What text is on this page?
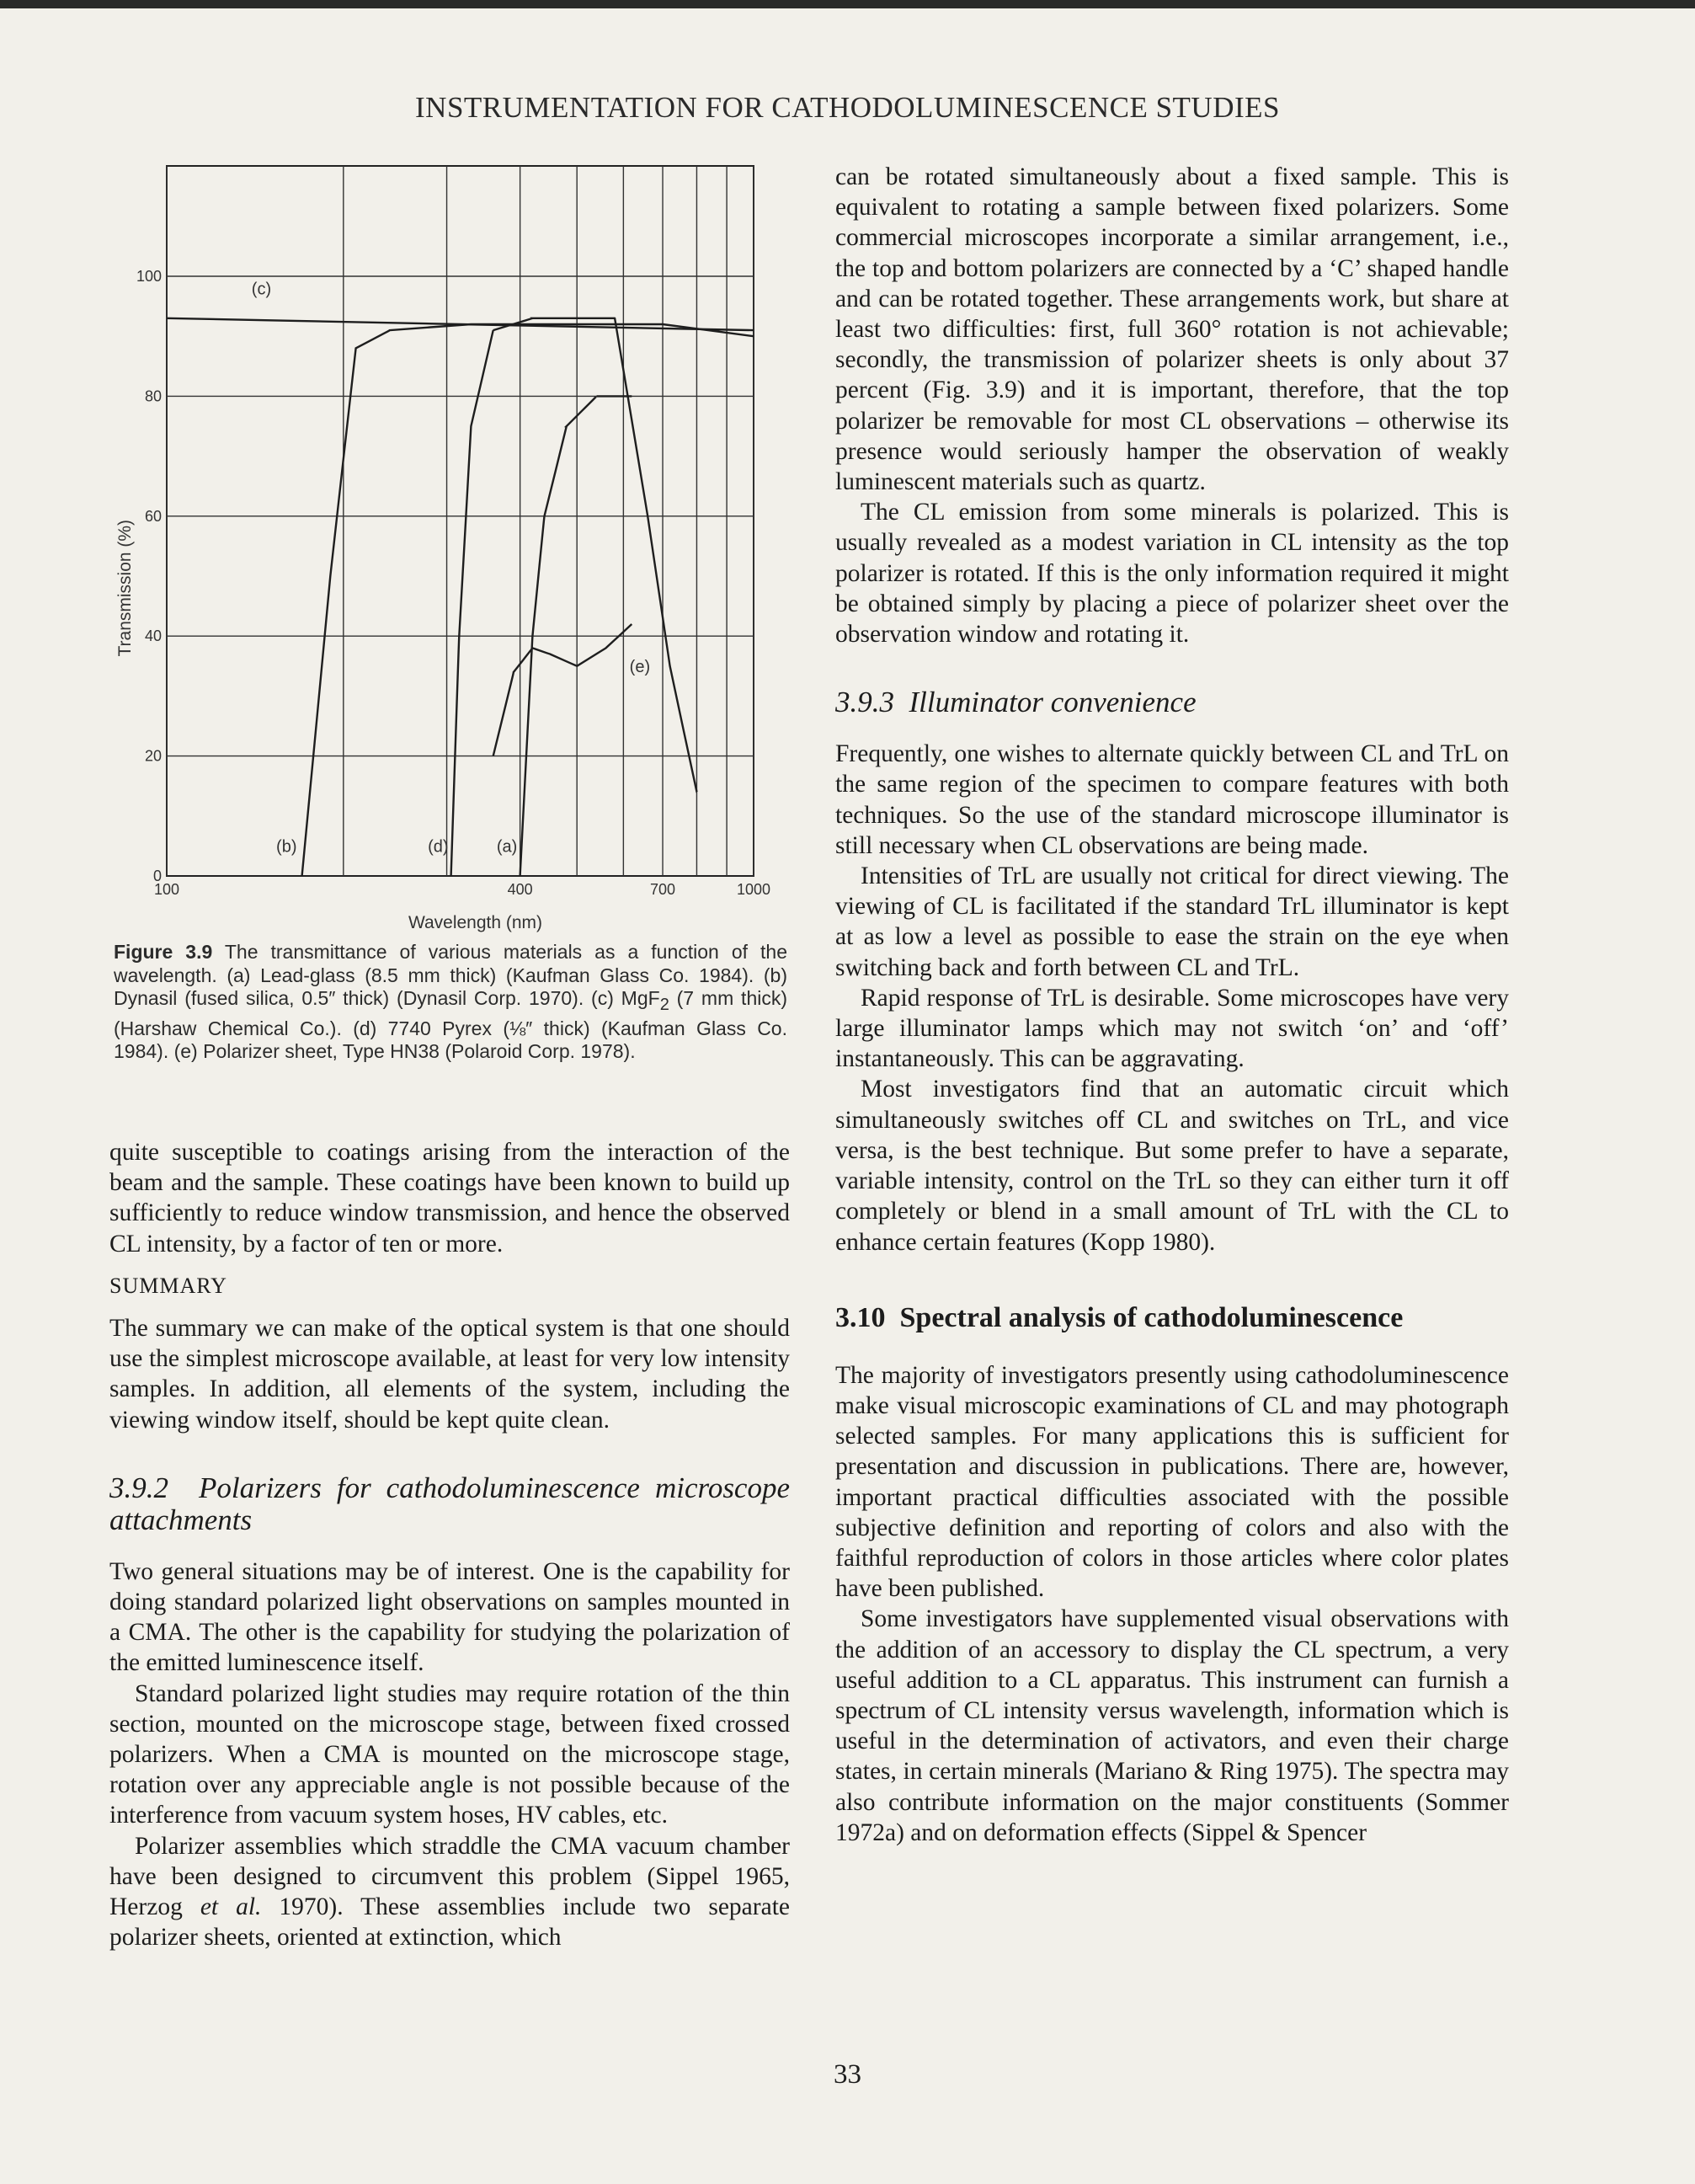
INSTRUMENTATION FOR CATHODOLUMINESCENCE STUDIES
0
20
40
60
80
100
100	400	700	1000
Wavelength (nm)
Transmission (%)
(a)
(b)
(c)
(d)
(e)
Figure 3.9 The transmittance of various materials as a function of the wavelength. (a) Lead-glass (8.5 mm thick) (Kaufman Glass Co. 1984). (b) Dynasil (fused silica, 0.5″ thick) (Dynasil Corp. 1970). (c) MgF2 (7 mm thick) (Harshaw Chemical Co.). (d) 7740 Pyrex (⅛″ thick) (Kaufman Glass Co. 1984). (e) Polarizer sheet, Type HN38 (Polaroid Corp. 1978).

quite susceptible to coatings arising from the interaction of the beam and the sample. These coatings have been known to build up sufficiently to reduce window transmission, and hence the observed CL intensity, by a factor of ten or more.

SUMMARY

The summary we can make of the optical system is that one should use the simplest microscope available, at least for very low intensity samples. In addition, all elements of the system, including the viewing window itself, should be kept quite clean.

3.9.2 Polarizers for cathodoluminescence microscope attachments

Two general situations may be of interest. One is the capability for doing standard polarized light observations on samples mounted in a CMA. The other is the capability for studying the polarization of the emitted luminescence itself.

Standard polarized light studies may require rotation of the thin section, mounted on the microscope stage, between fixed crossed polarizers. When a CMA is mounted on the microscope stage, rotation over any appreciable angle is not possible because of the interference from vacuum system hoses, HV cables, etc.

Polarizer assemblies which straddle the CMA vacuum chamber have been designed to circumvent this problem (Sippel 1965, Herzog et al. 1970). These assemblies include two separate polarizer sheets, oriented at extinction, which

can be rotated simultaneously about a fixed sample. This is equivalent to rotating a sample between fixed polarizers. Some commercial microscopes incorporate a similar arrangement, i.e., the top and bottom polarizers are connected by a ‘C’ shaped handle and can be rotated together. These arrangements work, but share at least two difficulties: first, full 360° rotation is not achievable; secondly, the transmission of polarizer sheets is only about 37 percent (Fig. 3.9) and it is important, therefore, that the top polarizer be removable for most CL observations – otherwise its presence would seriously hamper the observation of weakly luminescent materials such as quartz.

The CL emission from some minerals is polarized. This is usually revealed as a modest variation in CL intensity as the top polarizer is rotated. If this is the only information required it might be obtained simply by placing a piece of polarizer sheet over the observation window and rotating it.

3.9.3 Illuminator convenience

Frequently, one wishes to alternate quickly between CL and TrL on the same region of the specimen to compare features with both techniques. So the use of the standard microscope illuminator is still necessary when CL observations are being made.

Intensities of TrL are usually not critical for direct viewing. The viewing of CL is facilitated if the standard TrL illuminator is kept at as low a level as possible to ease the strain on the eye when switching back and forth between CL and TrL.

Rapid response of TrL is desirable. Some microscopes have very large illuminator lamps which may not switch ‘on’ and ‘off’ instantaneously. This can be aggravating.

Most investigators find that an automatic circuit which simultaneously switches off CL and switches on TrL, and vice versa, is the best technique. But some prefer to have a separate, variable intensity, control on the TrL so they can either turn it off completely or blend in a small amount of TrL with the CL to enhance certain features (Kopp 1980).

3.10 Spectral analysis of cathodoluminescence

The majority of investigators presently using cathodoluminescence make visual microscopic examinations of CL and may photograph selected samples. For many applications this is sufficient for presentation and discussion in publications. There are, however, important practical difficulties associated with the possible subjective definition and reporting of colors and also with the faithful reproduction of colors in those articles where color plates have been published.

Some investigators have supplemented visual observations with the addition of an accessory to display the CL spectrum, a very useful addition to a CL apparatus. This instrument can furnish a spectrum of CL intensity versus wavelength, information which is useful in the determination of activators, and even their charge states, in certain minerals (Mariano & Ring 1975). The spectra may also contribute information on the major constituents (Sommer 1972a) and on deformation effects (Sippel & Spencer

33
